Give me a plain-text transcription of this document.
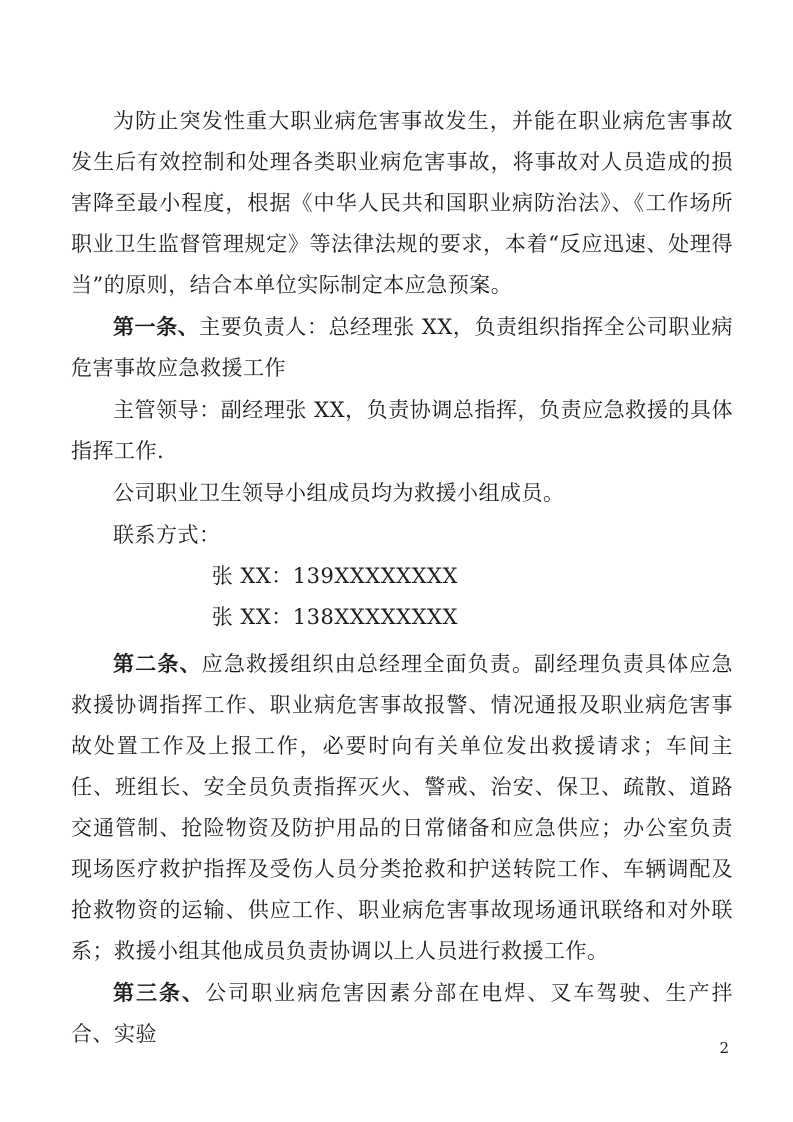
为防止突发性重大职业病危害事故发生，并能在职业病危害事故发生后有效控制和处理各类职业病危害事故，将事故对人员造成的损害降至最小程度，根据《中华人民共和国职业病防治法》、《工作场所职业卫生监督管理规定》等法律法规的要求，本着“反应迅速、处理得当”的原则，结合本单位实际制定本应急预案。

第一条、主要负责人：总经理张 XX，负责组织指挥全公司职业病危害事故应急救援工作

主管领导：副经理张 XX，负责协调总指挥，负责应急救援的具体指挥工作.

公司职业卫生领导小组成员均为救援小组成员。

联系方式：

张 XX：139XXXXXXXX

张 XX：138XXXXXXXX

第二条、应急救援组织由总经理全面负责。副经理负责具体应急救援协调指挥工作、职业病危害事故报警、情况通报及职业病危害事故处置工作及上报工作，必要时向有关单位发出救援请求；车间主任、班组长、安全员负责指挥灭火、警戒、治安、保卫、疏散、道路交通管制、抢险物资及防护用品的日常储备和应急供应；办公室负责现场医疗救护指挥及受伤人员分类抢救和护送转院工作、车辆调配及抢救物资的运输、供应工作、职业病危害事故现场通讯联络和对外联系；救援小组其他成员负责协调以上人员进行救援工作。

第三条、公司职业病危害因素分部在电焊、叉车驾驶、生产拌合、实验

2
